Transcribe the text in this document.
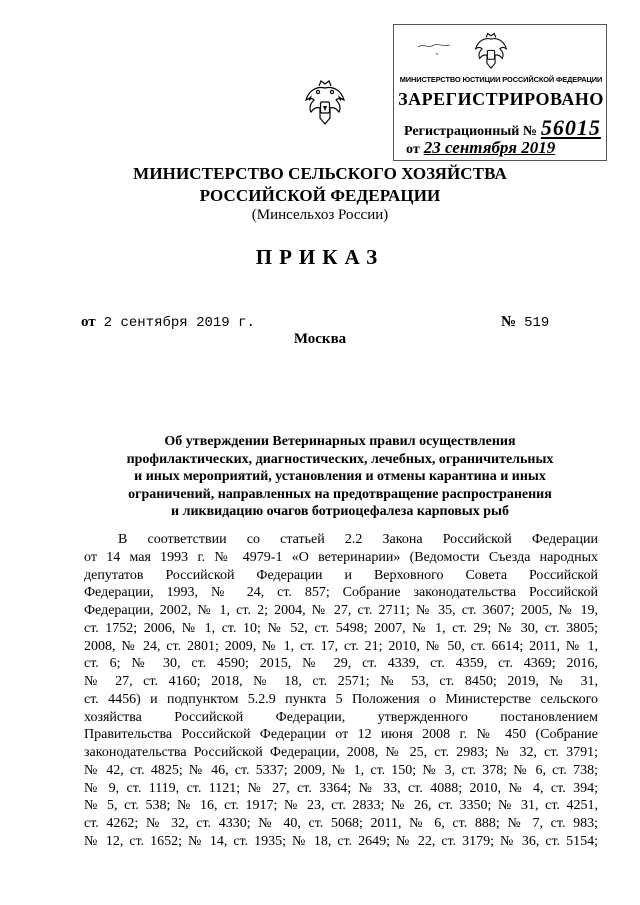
МИНИСТЕРСТВО ЮСТИЦИИ РОССИЙСКОЙ ФЕДЕРАЦИИ
ЗАРЕГИСТРИРОВАНО
Регистрационный № 56015
от 23 сентября 2019
МИНИСТЕРСТВО СЕЛЬСКОГО ХОЗЯЙСТВА
РОССИЙСКОЙ ФЕДЕРАЦИИ
(Минсельхоз России)
ПРИКАЗ
от 2 сентября 2019 г.	№ 519
Москва
Об утверждении Ветеринарных правил осуществления
профилактических, диагностических, лечебных, ограничительных
и иных мероприятий, установления и отмены карантина и иных
ограничений, направленных на предотвращение распространения
и ликвидацию очагов ботриоцефалеза карповых рыб
В соответствии со статьей 2.2 Закона Российской Федерации
от 14 мая 1993 г. № 4979-1 «О ветеринарии» (Ведомости Съезда народных
депутатов Российской Федерации и Верховного Совета Российской
Федерации, 1993, № 24, ст. 857; Собрание законодательства Российской
Федерации, 2002, № 1, ст. 2; 2004, № 27, ст. 2711; № 35, ст. 3607; 2005, № 19,
ст. 1752; 2006, № 1, ст. 10; № 52, ст. 5498; 2007, № 1, ст. 29; № 30, ст. 3805;
2008, № 24, ст. 2801; 2009, № 1, ст. 17, ст. 21; 2010, № 50, ст. 6614; 2011, № 1,
ст. 6; № 30, ст. 4590; 2015, № 29, ст. 4339, ст. 4359, ст. 4369; 2016,
№ 27, ст. 4160; 2018, № 18, ст. 2571; № 53, ст. 8450; 2019, № 31,
ст. 4456) и подпунктом 5.2.9 пункта 5 Положения о Министерстве сельского
хозяйства Российской Федерации, утвержденного постановлением
Правительства Российской Федерации от 12 июня 2008 г. № 450 (Собрание
законодательства Российской Федерации, 2008, № 25, ст. 2983; № 32, ст. 3791;
№ 42, ст. 4825; № 46, ст. 5337; 2009, № 1, ст. 150; № 3, ст. 378; № 6, ст. 738;
№ 9, ст. 1119, ст. 1121; № 27, ст. 3364; № 33, ст. 4088; 2010, № 4, ст. 394;
№ 5, ст. 538; № 16, ст. 1917; № 23, ст. 2833; № 26, ст. 3350; № 31, ст. 4251,
ст. 4262; № 32, ст. 4330; № 40, ст. 5068; 2011, № 6, ст. 888; № 7, ст. 983;
№ 12, ст. 1652; № 14, ст. 1935; № 18, ст. 2649; № 22, ст. 3179; № 36, ст. 5154;
